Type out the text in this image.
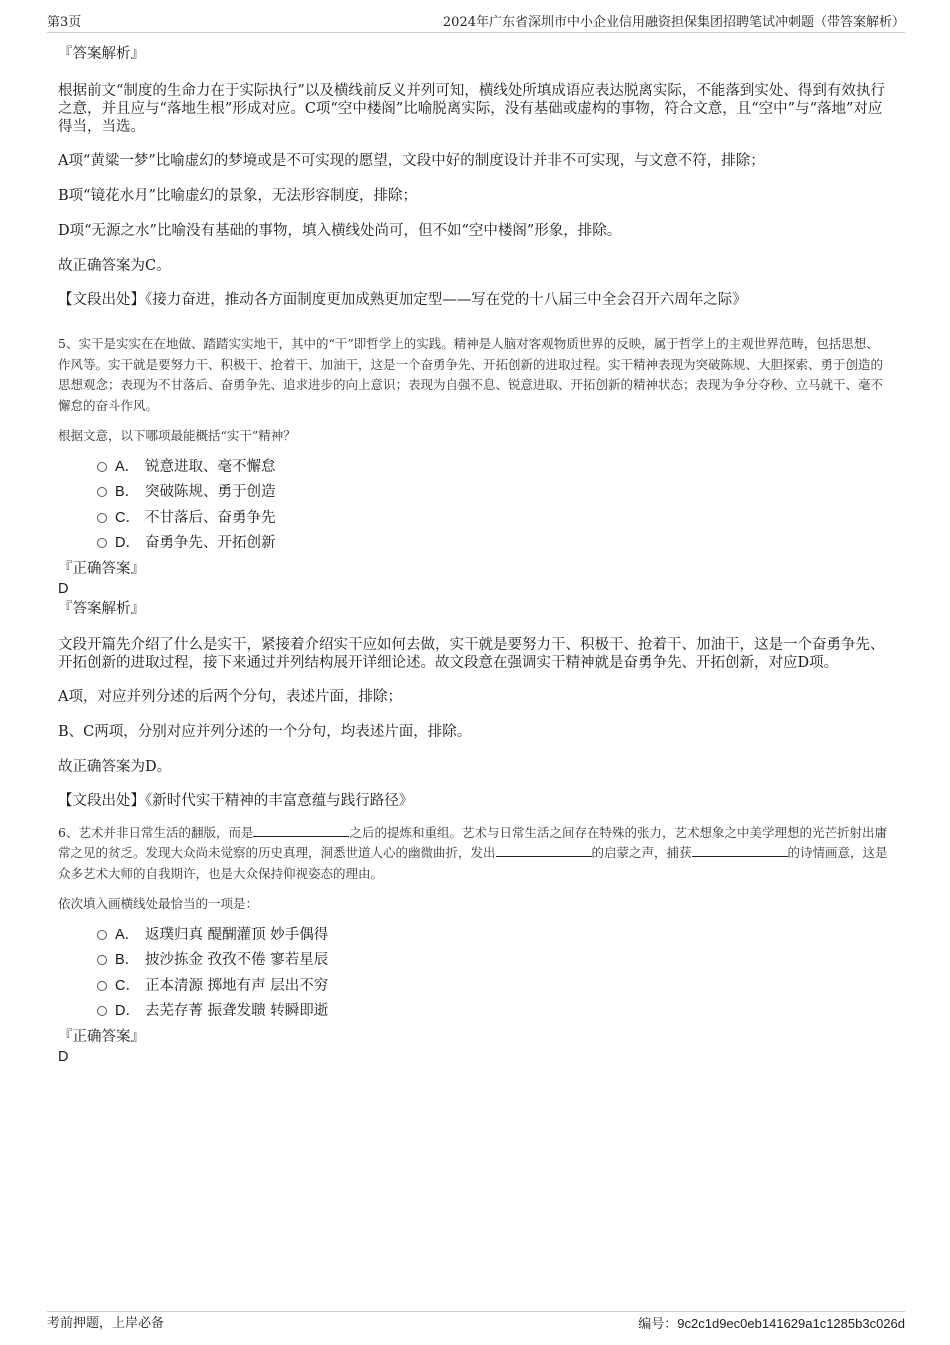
第3页	2024年广东省深圳市中小企业信用融资担保集团招聘笔试冲刺题（带答案解析）

『答案解析』

根据前文“制度的生命力在于实际执行”以及横线前反义并列可知，横线处所填成语应表达脱离实际，不能落到实处、得到有效执行之意，并且应与“落地生根”形成对应。C项“空中楼阁”比喻脱离实际，没有基础或虚构的事物，符合文意，且“空中”与“落地”对应得当，当选。

A项“黄粱一梦”比喻虚幻的梦境或是不可实现的愿望，文段中好的制度设计并非不可实现，与文意不符，排除；

B项“镜花水月”比喻虚幻的景象，无法形容制度，排除；

D项“无源之水”比喻没有基础的事物，填入横线处尚可，但不如“空中楼阁”形象，排除。

故正确答案为C。

【文段出处】《接力奋进，推动各方面制度更加成熟更加定型——写在党的十八届三中全会召开六周年之际》

5、实干是实实在在地做、踏踏实实地干，其中的“干”即哲学上的实践。精神是人脑对客观物质世界的反映，属于哲学上的主观世界范畴，包括思想、作风等。实干就是要努力干、积极干、抢着干、加油干，这是一个奋勇争先、开拓创新的进取过程。实干精神表现为突破陈规、大胆探索、勇于创造的思想观念；表现为不甘落后、奋勇争先、追求进步的向上意识；表现为自强不息、锐意进取、开拓创新的精神状态；表现为争分夺秒、立马就干、毫不懈怠的奋斗作风。

根据文意，以下哪项最能概括“实干”精神？

A． 锐意进取、毫不懈怠
B． 突破陈规、勇于创造
C． 不甘落后、奋勇争先
D． 奋勇争先、开拓创新

『正确答案』

D

『答案解析』

文段开篇先介绍了什么是实干，紧接着介绍实干应如何去做，实干就是要努力干、积极干、抢着干、加油干，这是一个奋勇争先、开拓创新的进取过程，接下来通过并列结构展开详细论述。故文段意在强调实干精神就是奋勇争先、开拓创新，对应D项。

A项，对应并列分述的后两个分句，表述片面，排除；

B、C两项，分别对应并列分述的一个分句，均表述片面，排除。

故正确答案为D。

【文段出处】《新时代实干精神的丰富意蕴与践行路径》

6、艺术并非日常生活的翻版，而是	之后的提炼和重组。艺术与日常生活之间存在特殊的张力，艺术想象之中美学理想的光芒折射出庸常之见的贫乏。发现大众尚未觉察的历史真理，洞悉世道人心的幽微曲折，发出	的启蒙之声，捕获	的诗情画意，这是众多艺术大师的自我期许，也是大众保持仰视姿态的理由。

依次填入画横线处最恰当的一项是：

A． 返璞归真 醍醐灌顶 妙手偶得
B． 披沙拣金 孜孜不倦 寥若星辰
C． 正本清源 掷地有声 层出不穷
D． 去芜存菁 振聋发聩 转瞬即逝

『正确答案』

D

考前押题，上岸必备	编号：9c2c1d9ec0eb141629a1c1285b3c026d
